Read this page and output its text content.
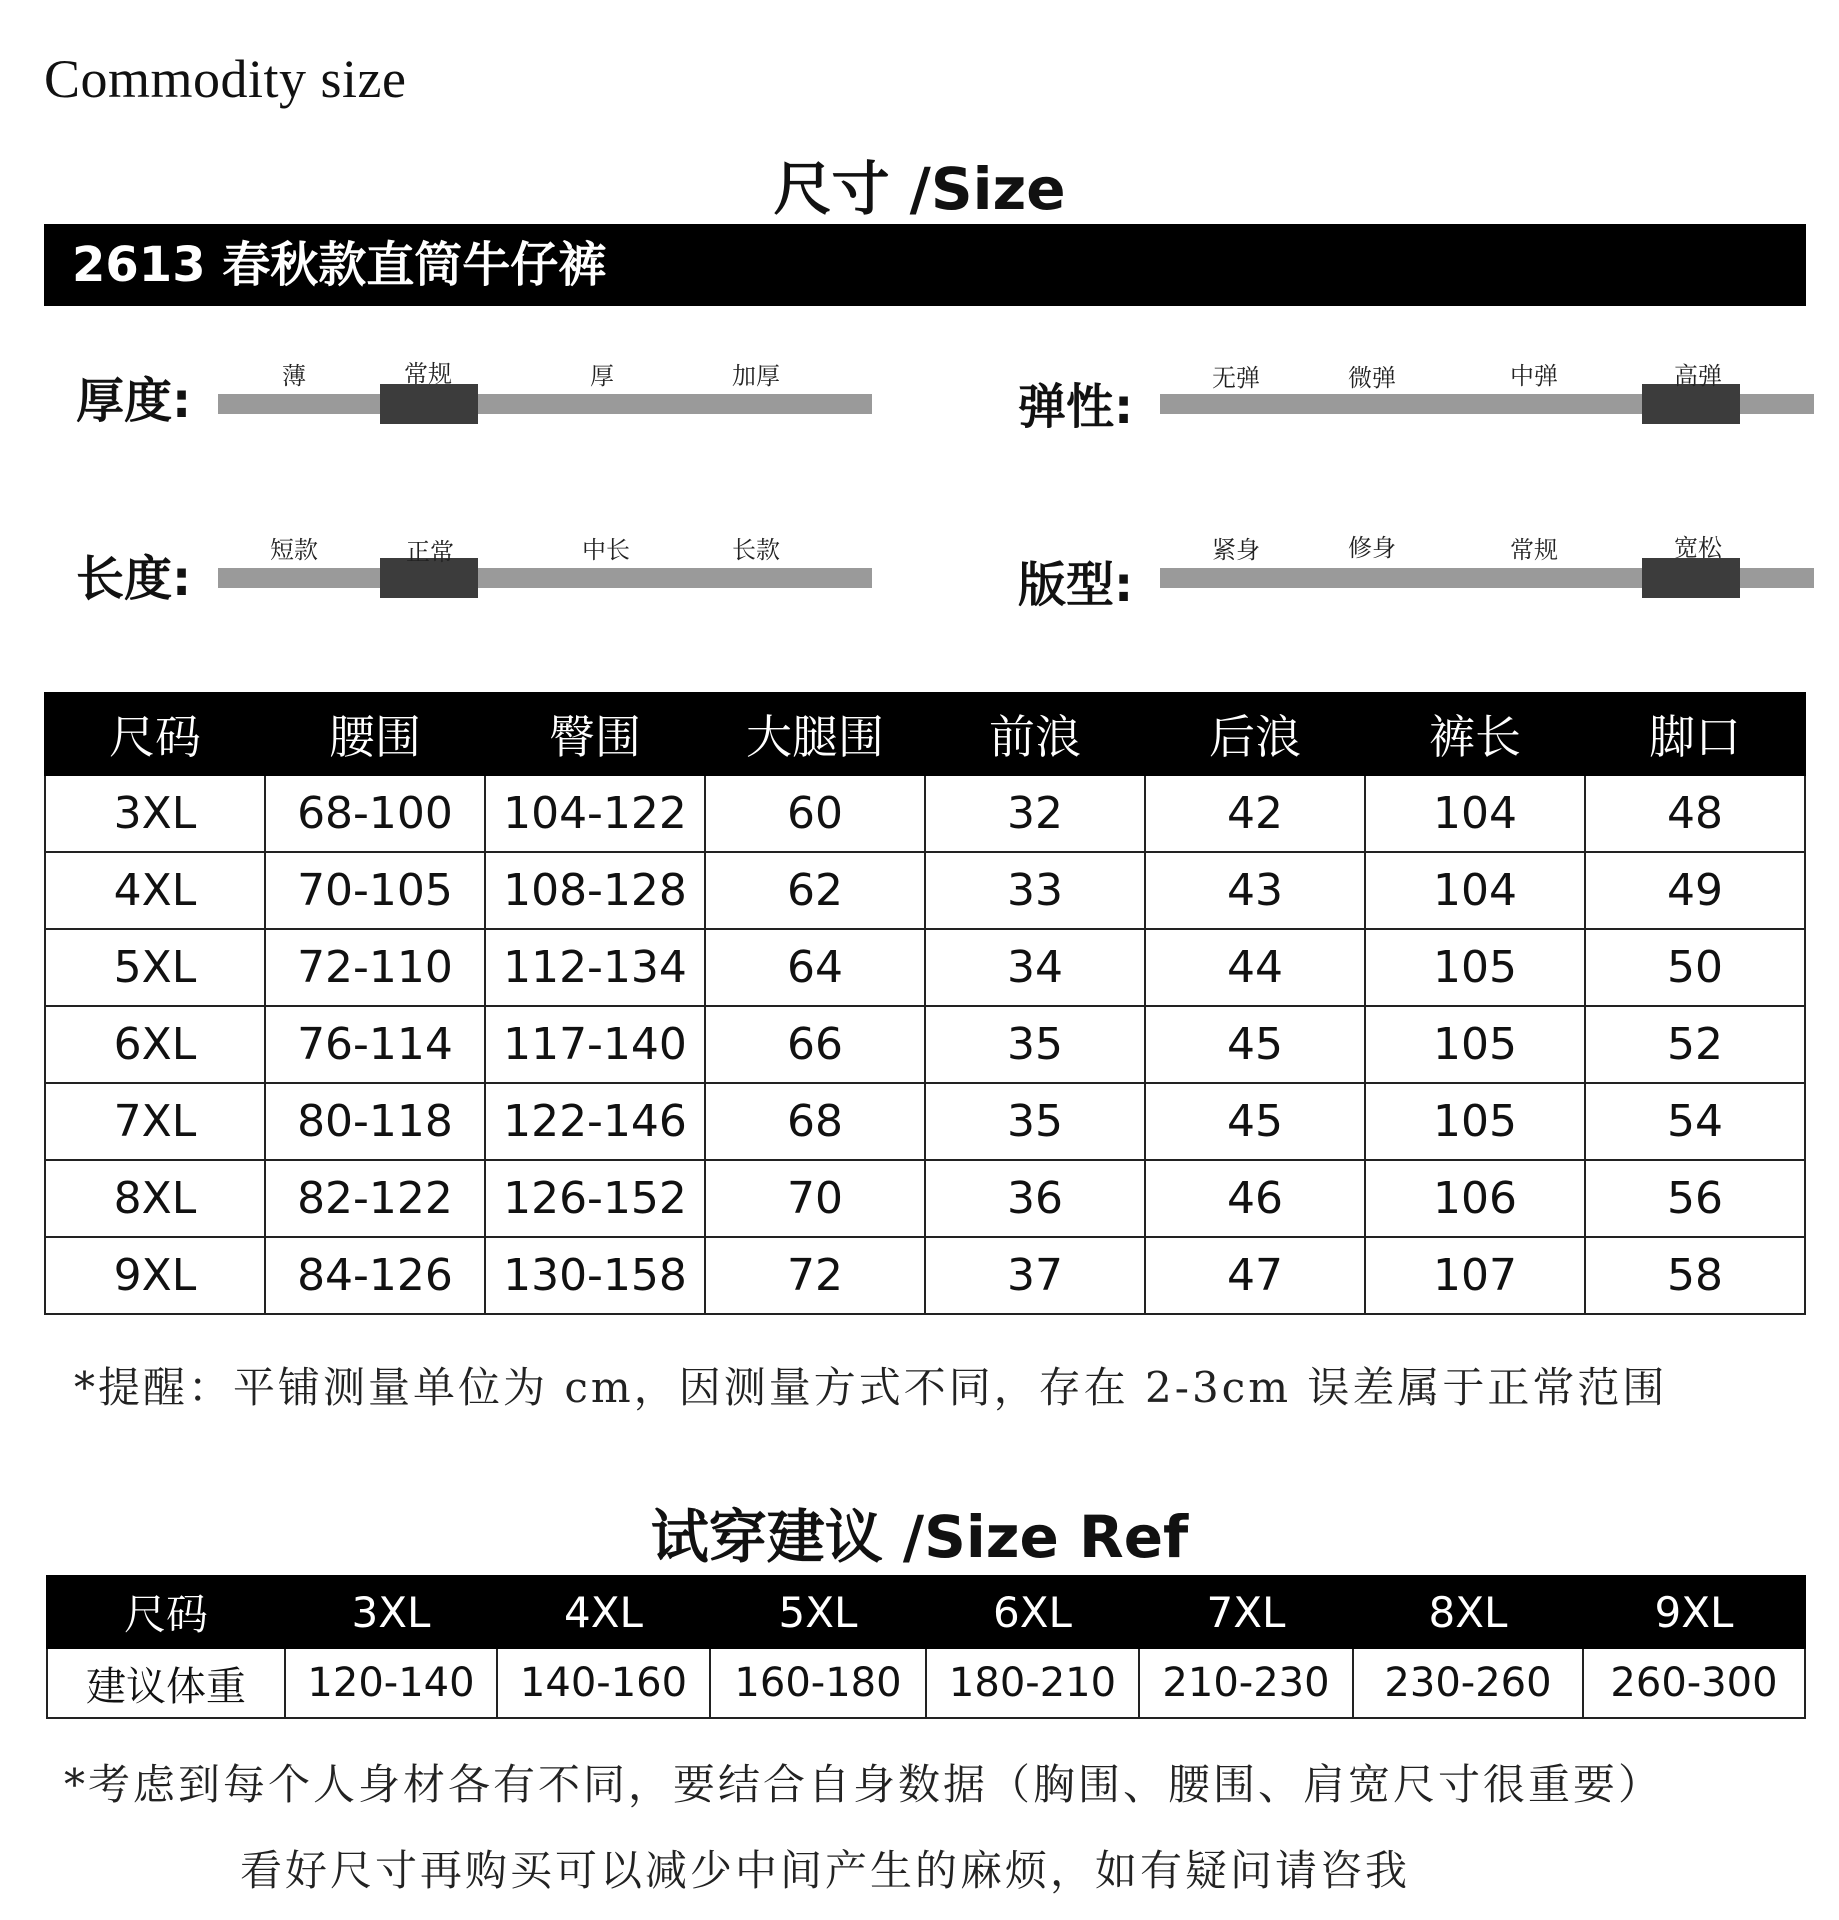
Commodity size
尺寸 /Size
2613 春秋款直筒牛仔裤
厚度:	薄	常规	厚	加厚
弹性:
无弹	微弹	中弹	高弹
长度:
短款	正常	中长	长款
版型:
紧身	修身	常规	宽松
尺码	腰围	臀围	大腿围	前浪	后浪	裤长	脚口
3XL	68-100	104-122	60	32	42	104	48
4XL	70-105	108-128	62	33	43	104	49
5XL	72-110	112-134	64	34	44	105	50
6XL	76-114	117-140	66	35	45	105	52
7XL	80-118	122-146	68	35	45	105	54
8XL	82-122	126-152	70	36	46	106	56
9XL	84-126	130-158	72	37	47	107	58
*提醒：平铺测量单位为 cm，因测量方式不同，存在 2-3cm 误差属于正常范围
试穿建议 /Size Ref
尺码	3XL	4XL	5XL	6XL	7XL	8XL	9XL
建议体重	120-140	140-160	160-180	180-210	210-230	230-260	260-300
*考虑到每个人身材各有不同，要结合自身数据（胸围、腰围、肩宽尺寸很重要）
看好尺寸再购买可以减少中间产生的麻烦，如有疑问请咨我
